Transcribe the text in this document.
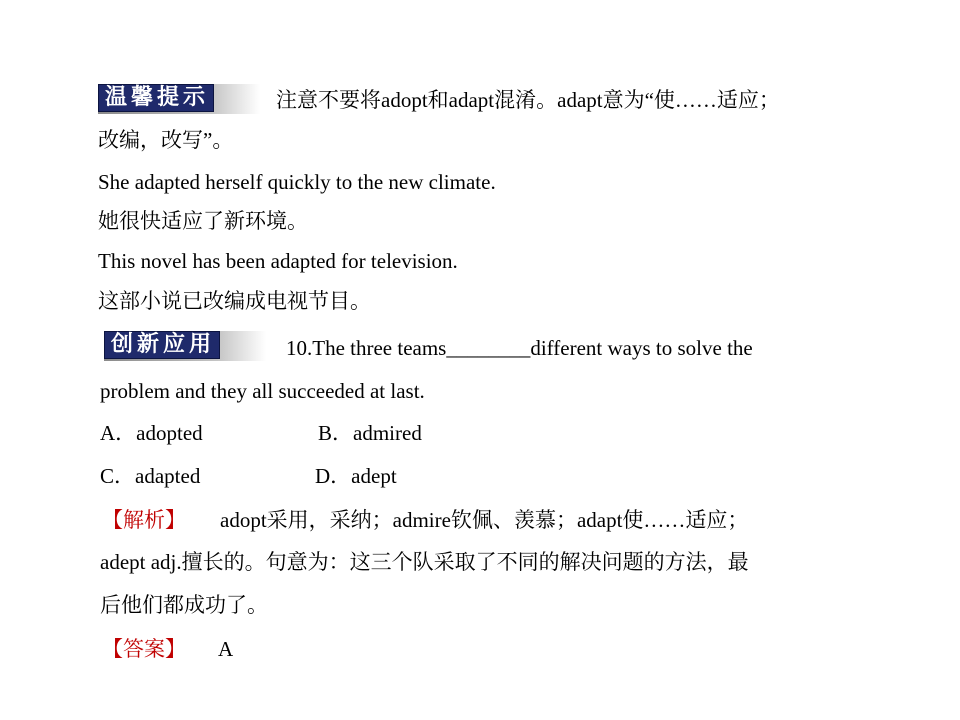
温馨提示	注意不要将adopt和adapt混淆。adapt意为“使……适应；
改编，改写”。
She adapted herself quickly to the new climate.
她很快适应了新环境。
This novel has been adapted for television.
这部小说已改编成电视节目。
创新应用	10.The three teams________different ways to solve the
problem and they all succeeded at last.
A．adopted	B．admired
C．adapted	D．adept
【解析】 adopt采用，采纳；admire钦佩、羡慕；adapt使……适应；
adept adj.擅长的。句意为：这三个队采取了不同的解决问题的方法，最
后他们都成功了。
【答案】 A
